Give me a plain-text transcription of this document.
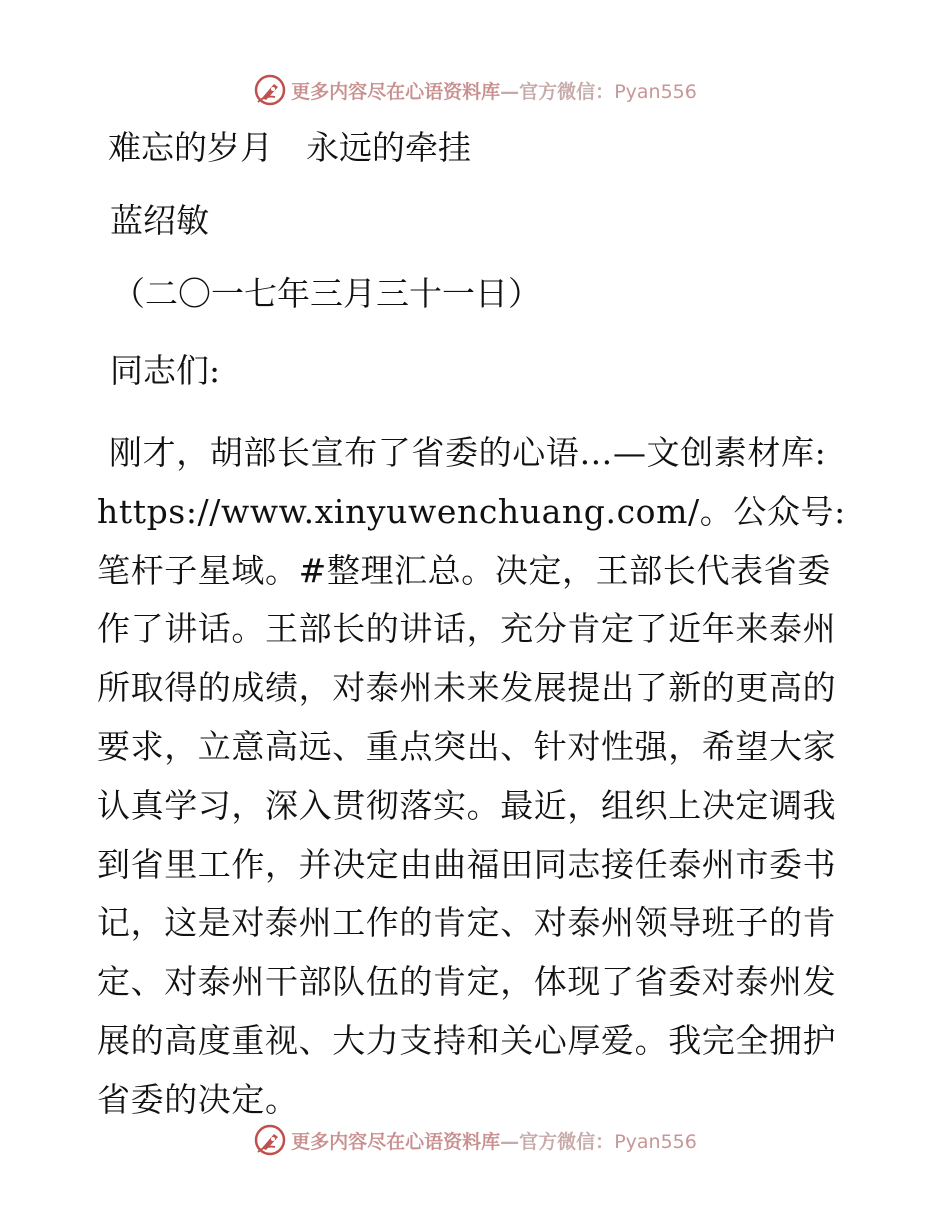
更多内容尽在心语资料库—官方微信：Pyan556
难忘的岁月　永远的牵挂
蓝绍敏
（二〇一七年三月三十一日）
同志们:
刚才，胡部长宣布了省委的心语…—文创素材库: https://www.xinyuwenchuang.com/。公众号: 笔杆子星域。#整理汇总。决定，王部长代表省委作了讲话。王部长的讲话，充分肯定了近年来泰州所取得的成绩，对泰州未来发展提出了新的更高的要求，立意高远、重点突出、针对性强，希望大家认真学习，深入贯彻落实。最近，组织上决定调我到省里工作，并决定由曲福田同志接任泰州市委书记，这是对泰州工作的肯定、对泰州领导班子的肯定、对泰州干部队伍的肯定，体现了省委对泰州发展的高度重视、大力支持和关心厚爱。我完全拥护省委的决定。
更多内容尽在心语资料库—官方微信：Pyan556
